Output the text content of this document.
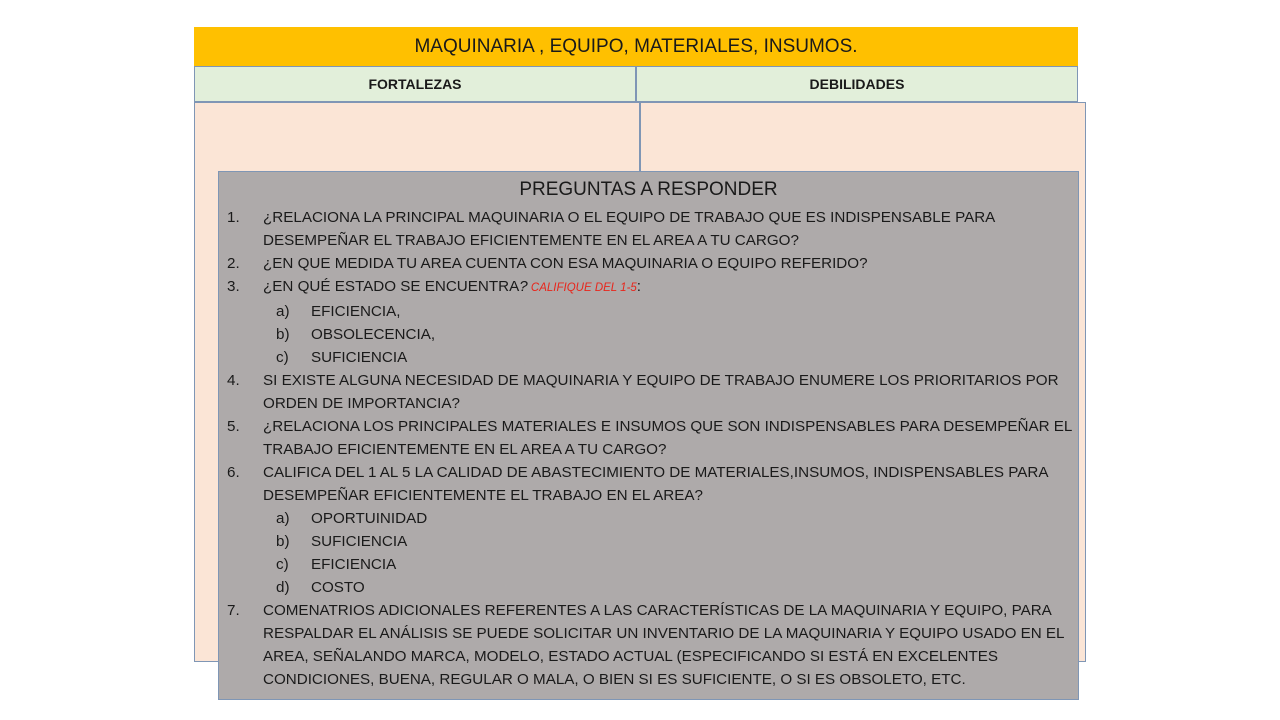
MAQUINARIA , EQUIPO, MATERIALES, INSUMOS.
FORTALEZAS	DEBILIDADES
PREGUNTAS A RESPONDER
1.	¿RELACIONA LA PRINCIPAL MAQUINARIA O EL EQUIPO DE TRABAJO QUE ES INDISPENSABLE PARA DESEMPEÑAR EL TRABAJO EFICIENTEMENTE EN EL AREA A TU CARGO?
2.	¿EN QUE MEDIDA TU AREA CUENTA CON ESA MAQUINARIA O EQUIPO REFERIDO?
3.	¿EN QUÉ ESTADO SE ENCUENTRA? CALIFIQUE DEL 1-5:
a) EFICIENCIA,
b) OBSOLECENCIA,
c) SUFICIENCIA
4.	SI EXISTE ALGUNA NECESIDAD DE MAQUINARIA Y EQUIPO DE TRABAJO ENUMERE LOS PRIORITARIOS POR ORDEN DE IMPORTANCIA?
5.	¿RELACIONA LOS PRINCIPALES MATERIALES E INSUMOS QUE SON INDISPENSABLES PARA DESEMPEÑAR EL TRABAJO EFICIENTEMENTE EN EL AREA A TU CARGO?
6.	CALIFICA DEL 1 AL 5 LA CALIDAD DE ABASTECIMIENTO DE MATERIALES,INSUMOS, INDISPENSABLES PARA DESEMPEÑAR EFICIENTEMENTE EL TRABAJO EN EL AREA?
a) OPORTUINIDAD
b) SUFICIENCIA
c) EFICIENCIA
d) COSTO
7.	COMENATRIOS ADICIONALES REFERENTES A LAS CARACTERÍSTICAS DE LA MAQUINARIA Y EQUIPO, PARA RESPALDAR EL ANÁLISIS SE PUEDE SOLICITAR UN INVENTARIO DE LA MAQUINARIA Y EQUIPO USADO EN EL AREA, SEÑALANDO MARCA, MODELO, ESTADO ACTUAL (ESPECIFICANDO SI ESTÁ EN EXCELENTES CONDICIONES, BUENA, REGULAR O MALA, O BIEN SI ES SUFICIENTE, O SI ES OBSOLETO, ETC.
